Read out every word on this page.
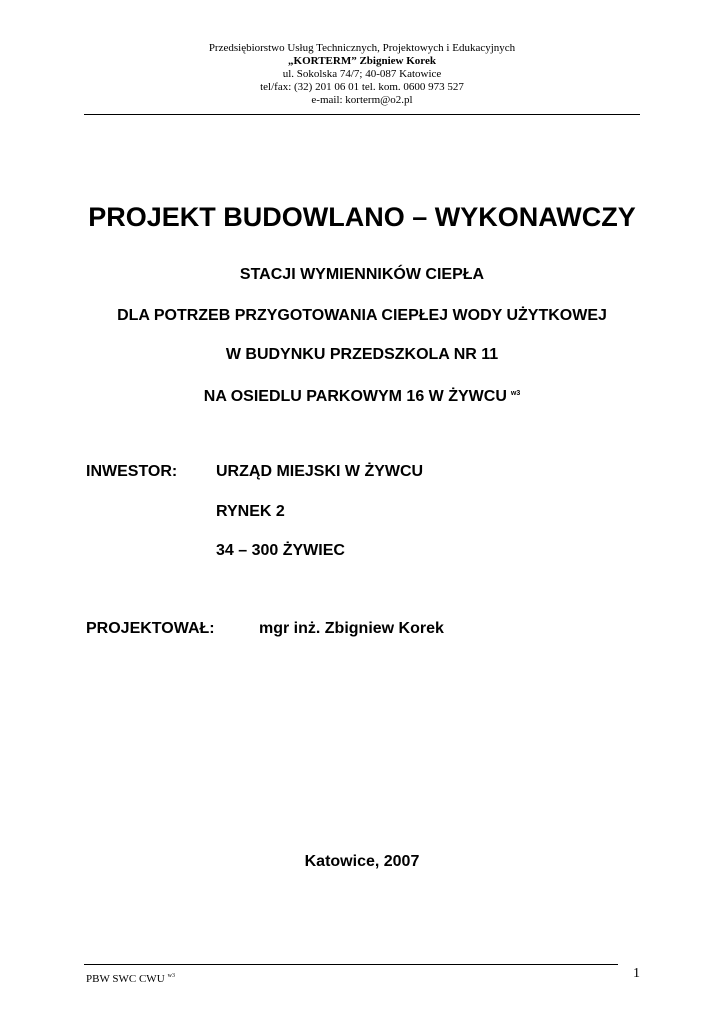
Przedsiębiorstwo Usług Technicznych, Projektowych i Edukacyjnych
„KORTERM” Zbigniew Korek
ul. Sokolska 74/7; 40-087 Katowice
tel/fax: (32) 201 06 01 tel. kom. 0600 973 527
e-mail: korterm@o2.pl
PROJEKT BUDOWLANO – WYKONAWCZY
STACJI WYMIENNIKÓW CIEPŁA
DLA POTRZEB PRZYGOTOWANIA CIEPŁEJ WODY UŻYTKOWEJ
W BUDYNKU PRZEDSZKOLA NR 11
NA OSIEDLU PARKOWYM 16 W ŻYWCU $^{w3}$
INWESTOR: URZĄD MIEJSKI W ŻYWCU
RYNEK 2
34 – 300 ŻYWIEC
PROJEKTOWAŁ:	mgr inż. Zbigniew Korek
Katowice, 2007
PBW SWC CWU $^{w3}$	1
